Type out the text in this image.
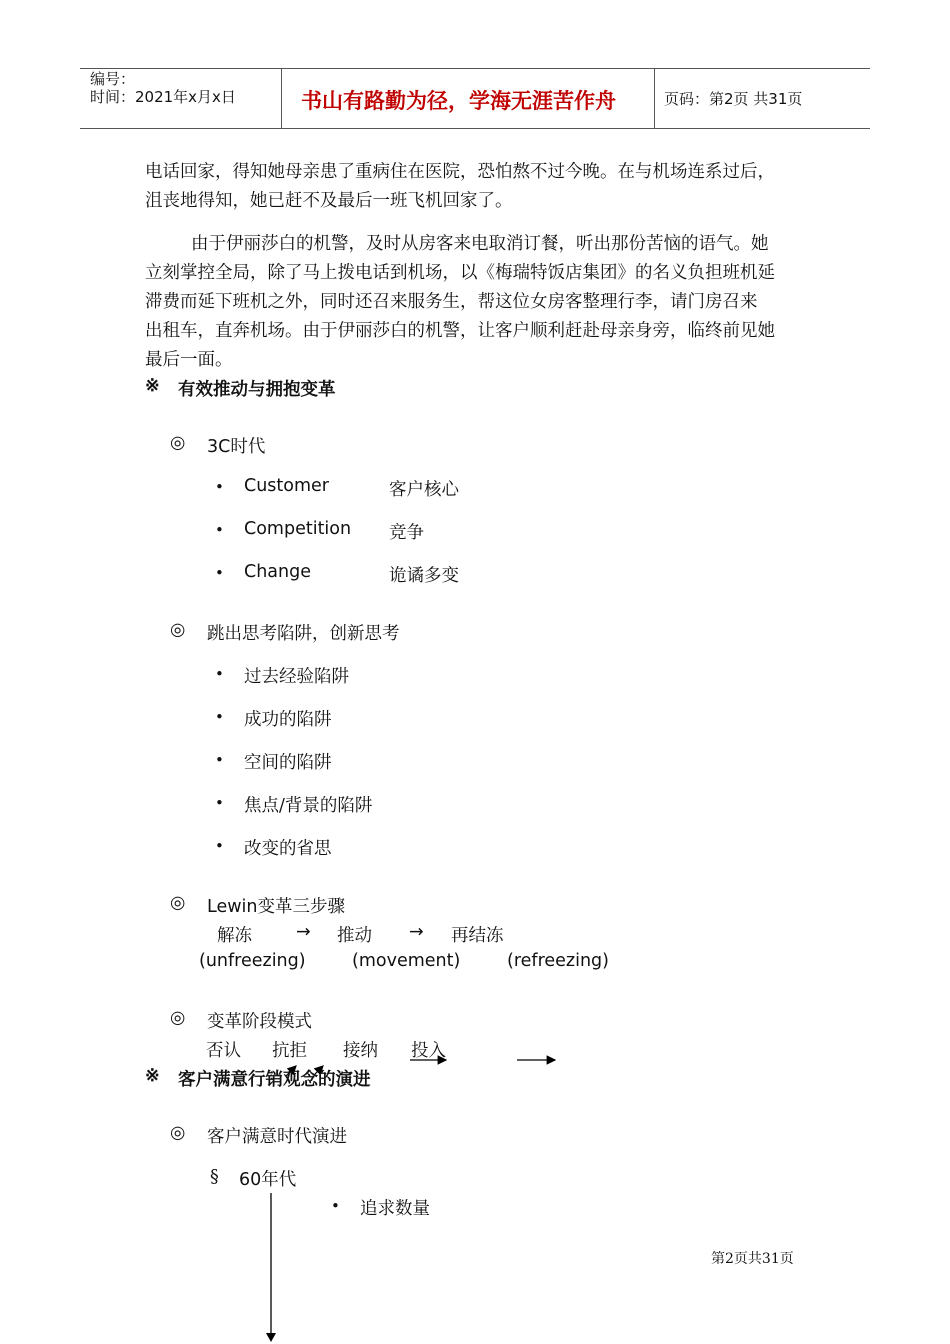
编号：
时间：2021年x月x日	书山有路勤为径，学海无涯苦作舟	页码：第2页 共31页
电话回家，得知她母亲患了重病住在医院，恐怕熬不过今晚。在与机场连系过后，
沮丧地得知，她已赶不及最后一班飞机回家了。
由于伊丽莎白的机警，及时从房客来电取消订餐，听出那份苦恼的语气。她
立刻掌控全局，除了马上拨电话到机场，以《梅瑞特饭店集团》的名义负担班机延
滞费而延下班机之外，同时还召来服务生，帮这位女房客整理行李，请门房召来
出租车，直奔机场。由于伊丽莎白的机警，让客户顺利赶赴母亲身旁，临终前见她
最后一面。
※ 有效推动与拥抱变革
◎ 3C时代
• Customer	客户核心
• Competition 竞争
• Change	诡谲多变
◎ 跳出思考陷阱，创新思考
• 过去经验陷阱
• 成功的陷阱
• 空间的陷阱
• 焦点/背景的陷阱
• 改变的省思
◎ Lewin变革三步骤
解冻	→ 推动 → 再结冻
(unfreezing)	(movement)	(refreezing)
◎ 变革阶段模式
否认 抗拒 接纳 投入
※ 客户满意行销观念的演进
◎ 客户满意时代演进
§ 60年代
• 追求数量
第2页共31页
